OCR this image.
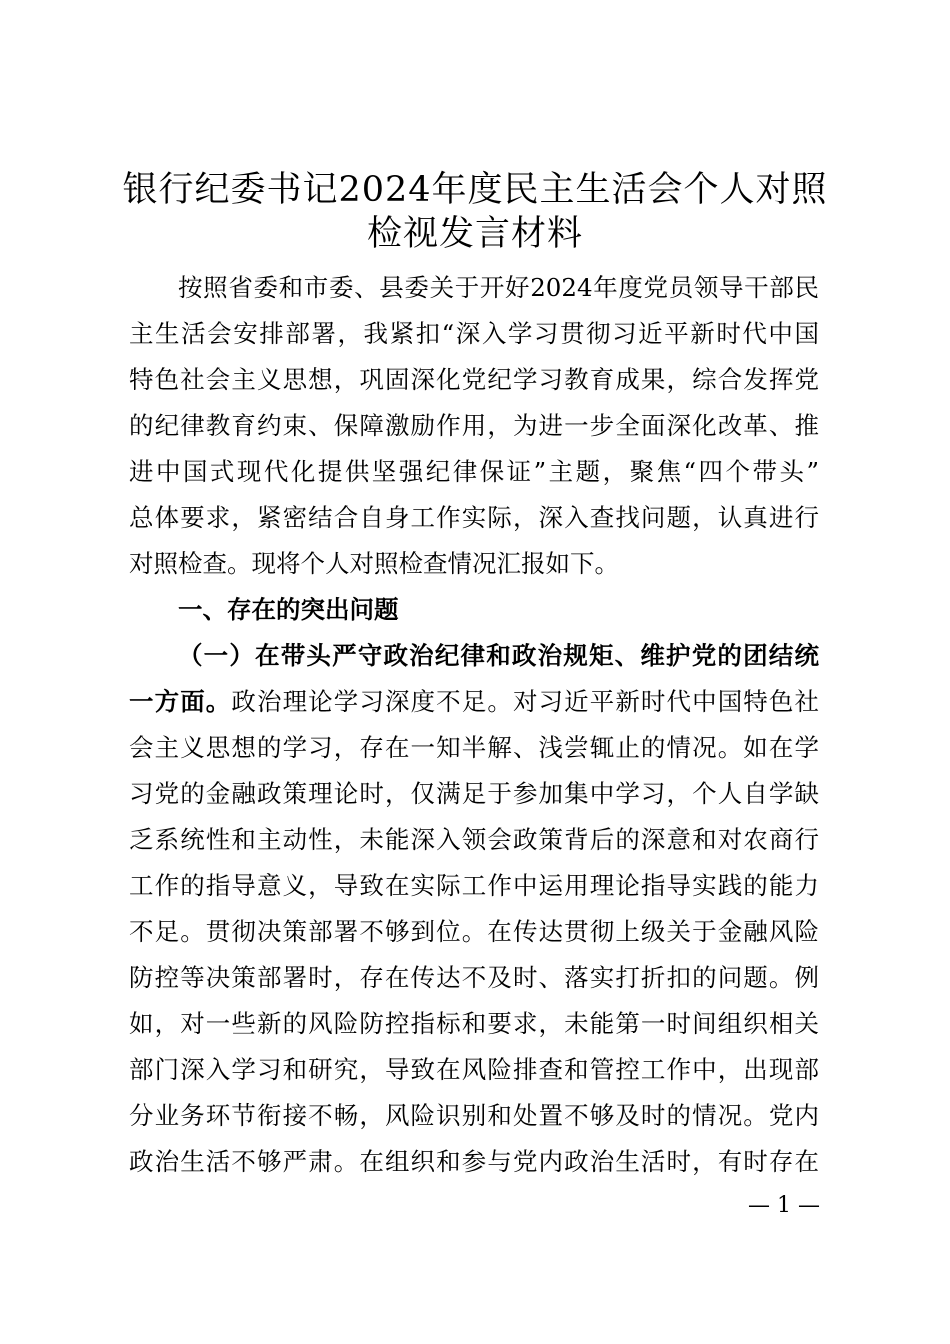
银行纪委书记2024年度民主生活会个人对照
检视发言材料
按照省委和市委、县委关于开好2024年度党员领导干部民
主生活会安排部署，我紧扣“深入学习贯彻习近平新时代中国
特色社会主义思想，巩固深化党纪学习教育成果，综合发挥党
的纪律教育约束、保障激励作用，为进一步全面深化改革、推
进中国式现代化提供坚强纪律保证”主题，聚焦“四个带头”
总体要求，紧密结合自身工作实际，深入查找问题，认真进行
对照检查。现将个人对照检查情况汇报如下。
一、存在的突出问题
（一）在带头严守政治纪律和政治规矩、维护党的团结统
一方面。政治理论学习深度不足。对习近平新时代中国特色社
会主义思想的学习，存在一知半解、浅尝辄止的情况。如在学
习党的金融政策理论时，仅满足于参加集中学习，个人自学缺
乏系统性和主动性，未能深入领会政策背后的深意和对农商行
工作的指导意义，导致在实际工作中运用理论指导实践的能力
不足。贯彻决策部署不够到位。在传达贯彻上级关于金融风险
防控等决策部署时，存在传达不及时、落实打折扣的问题。例
如，对一些新的风险防控指标和要求，未能第一时间组织相关
部门深入学习和研究，导致在风险排查和管控工作中，出现部
分业务环节衔接不畅，风险识别和处置不够及时的情况。党内
政治生活不够严肃。在组织和参与党内政治生活时，有时存在
— 1 —
